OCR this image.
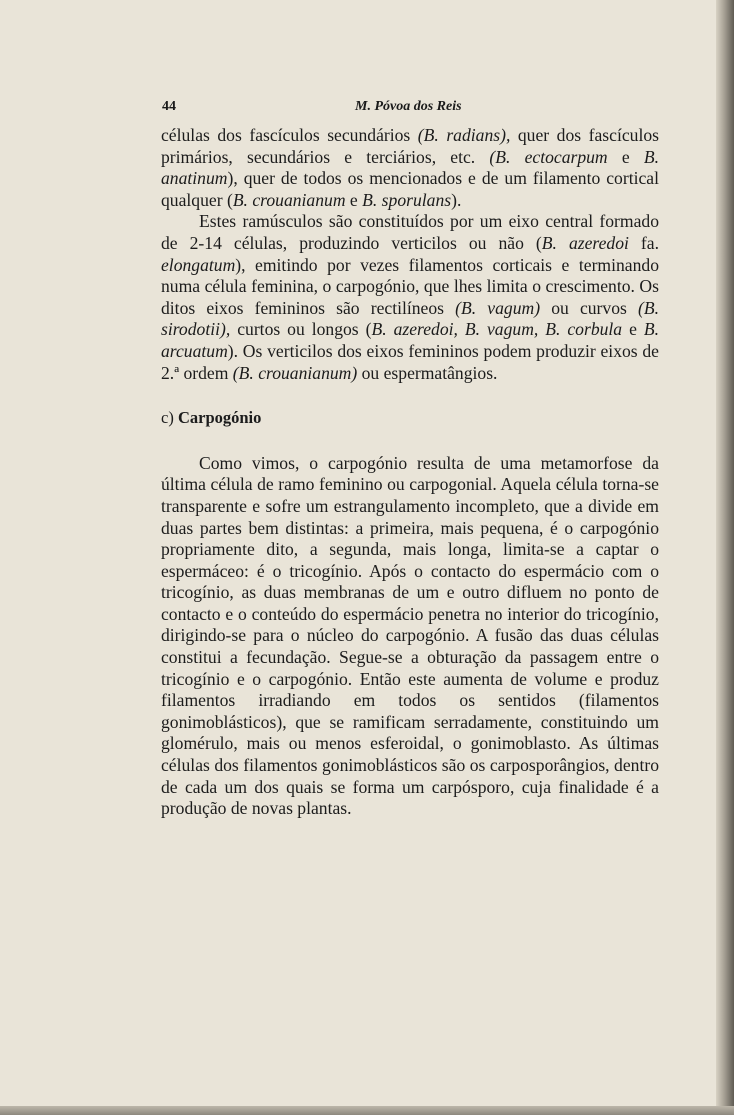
44	M. Póvoa dos Reis

células dos fascículos secundários (B. radians), quer dos fascículos primários, secundários e terciários, etc. (B. ectocarpum e B. anatinum), quer de todos os mencionados e de um filamento cortical qualquer (B. crouanianum e B. sporulans).

Estes ramúsculos são constituídos por um eixo central formado de 2-14 células, produzindo verticilos ou não (B. azeredoi fa. elongatum), emitindo por vezes filamentos corticais e terminando numa célula feminina, o carpogónio, que lhes limita o crescimento. Os ditos eixos femininos são rectilíneos (B. vagum) ou curvos (B. sirodotii), curtos ou longos (B. azeredoi, B. vagum, B. corbula e B. arcuatum). Os verticilos dos eixos femininos podem produzir eixos de 2.ª ordem (B. crouanianum) ou espermatângios.

c) Carpogónio

Como vimos, o carpogónio resulta de uma metamorfose da última célula de ramo feminino ou carpogonial. Aquela célula torna-se transparente e sofre um estrangulamento incompleto, que a divide em duas partes bem distintas: a primeira, mais pequena, é o carpogónio propriamente dito, a segunda, mais longa, limita-se a captar o espermáceo: é o tricogínio. Após o contacto do espermácio com o tricogínio, as duas membranas de um e outro difluem no ponto de contacto e o conteúdo do espermácio penetra no interior do tricogínio, dirigindo-se para o núcleo do carpogónio. A fusão das duas células constitui a fecundação. Segue-se a obturação da passagem entre o tricogínio e o carpogónio. Então este aumenta de volume e produz filamentos irradiando em todos os sentidos (filamentos gonimoblásticos), que se ramificam serradamente, constituindo um glomérulo, mais ou menos esferoidal, o gonimoblasto. As últimas células dos filamentos gonimoblásticos são os carposporângios, dentro de cada um dos quais se forma um carpósporo, cuja finalidade é a produção de novas plantas.
